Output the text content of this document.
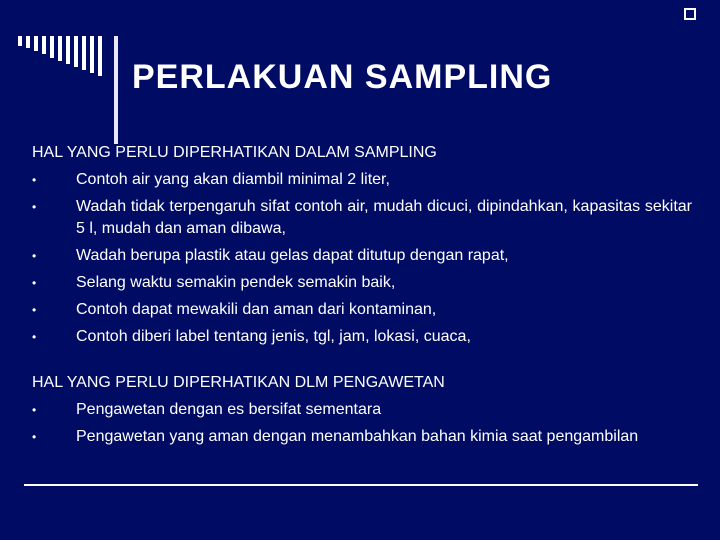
PERLAKUAN SAMPLING
HAL YANG PERLU DIPERHATIKAN DALAM SAMPLING
•	Contoh air yang akan diambil minimal 2 liter,
•	Wadah tidak terpengaruh sifat contoh air, mudah dicuci, dipindahkan, kapasitas sekitar 5 l, mudah dan aman dibawa,
•	Wadah berupa plastik atau gelas dapat ditutup dengan rapat,
•	Selang waktu semakin pendek semakin baik,
•	Contoh dapat mewakili dan aman dari kontaminan,
•	Contoh diberi label tentang jenis, tgl, jam, lokasi, cuaca,
HAL YANG PERLU DIPERHATIKAN DLM PENGAWETAN
•	Pengawetan dengan es bersifat sementara
•	Pengawetan yang aman dengan menambahkan bahan kimia saat pengambilan
